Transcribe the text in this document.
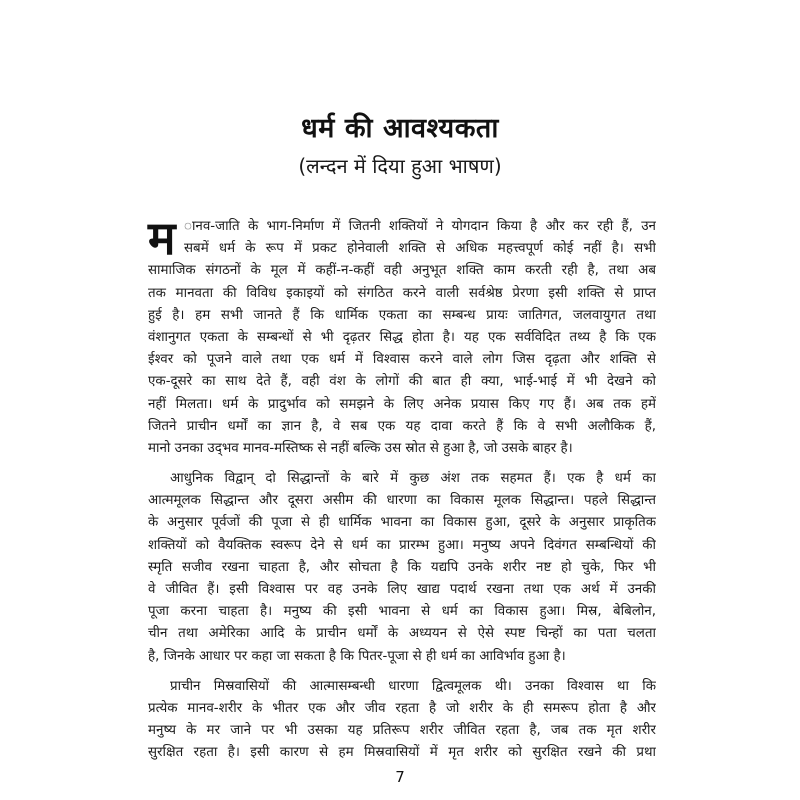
धर्म की आवश्यकता
(लन्दन में दिया हुआ भाषण)
म ानव-जाति के भाग-निर्माण में जितनी शक्तियों ने योगदान किया है और कर रही हैं, उन
सबमें धर्म के रूप में प्रकट होनेवाली शक्ति से अधिक महत्त्वपूर्ण कोई नहीं है। सभी
सामाजिक संगठनों के मूल में कहीं-न-कहीं वही अनुभूत शक्ति काम करती रही है, तथा अब
तक मानवता की विविध इकाइयों को संगठित करने वाली सर्वश्रेष्ठ प्रेरणा इसी शक्ति से प्राप्त
हुई है। हम सभी जानते हैं कि धार्मिक एकता का सम्बन्ध प्रायः जातिगत, जलवायुगत तथा
वंशानुगत एकता के सम्बन्धों से भी दृढ़तर सिद्ध होता है। यह एक सर्वविदित तथ्य है कि एक
ईश्वर को पूजने वाले तथा एक धर्म में विश्वास करने वाले लोग जिस दृढ़ता और शक्ति से
एक-दूसरे का साथ देते हैं, वही वंश के लोगों की बात ही क्या, भाई-भाई में भी देखने को
नहीं मिलता। धर्म के प्रादुर्भाव को समझने के लिए अनेक प्रयास किए गए हैं। अब तक हमें
जितने प्राचीन धर्मों का ज्ञान है, वे सब एक यह दावा करते हैं कि वे सभी अलौकिक हैं,
मानो उनका उद्‌भव मानव-मस्तिष्क से नहीं बल्कि उस स्रोत से हुआ है, जो उसके बाहर है।
आधुनिक विद्वान् दो सिद्धान्तों के बारे में कुछ अंश तक सहमत हैं। एक है धर्म का
आत्ममूलक सिद्धान्त और दूसरा असीम की धारणा का विकास मूलक सिद्धान्त। पहले सिद्धान्त
के अनुसार पूर्वजों की पूजा से ही धार्मिक भावना का विकास हुआ, दूसरे के अनुसार प्राकृतिक
शक्तियों को वैयक्तिक स्वरूप देने से धर्म का प्रारम्भ हुआ। मनुष्य अपने दिवंगत सम्बन्धियों की
स्मृति सजीव रखना चाहता है, और सोचता है कि यद्यपि उनके शरीर नष्ट हो चुके, फिर भी
वे जीवित हैं। इसी विश्वास पर वह उनके लिए खाद्य पदार्थ रखना तथा एक अर्थ में उनकी
पूजा करना चाहता है। मनुष्य की इसी भावना से धर्म का विकास हुआ। मिस्र, बेबिलोन,
चीन तथा अमेरिका आदि के प्राचीन धर्मों के अध्ययन से ऐसे स्पष्ट चिन्हों का पता चलता
है, जिनके आधार पर कहा जा सकता है कि पितर-पूजा से ही धर्म का आविर्भाव हुआ है।
प्राचीन मिस्रवासियों की आत्मासम्बन्धी धारणा द्वित्वमूलक थी। उनका विश्वास था कि
प्रत्येक मानव-शरीर के भीतर एक और जीव रहता है जो शरीर के ही समरूप होता है और
मनुष्य के मर जाने पर भी उसका यह प्रतिरूप शरीर जीवित रहता है, जब तक मृत शरीर
सुरक्षित रहता है। इसी कारण से हम मिस्रवासियों में मृत शरीर को सुरक्षित रखने की प्रथा
7
